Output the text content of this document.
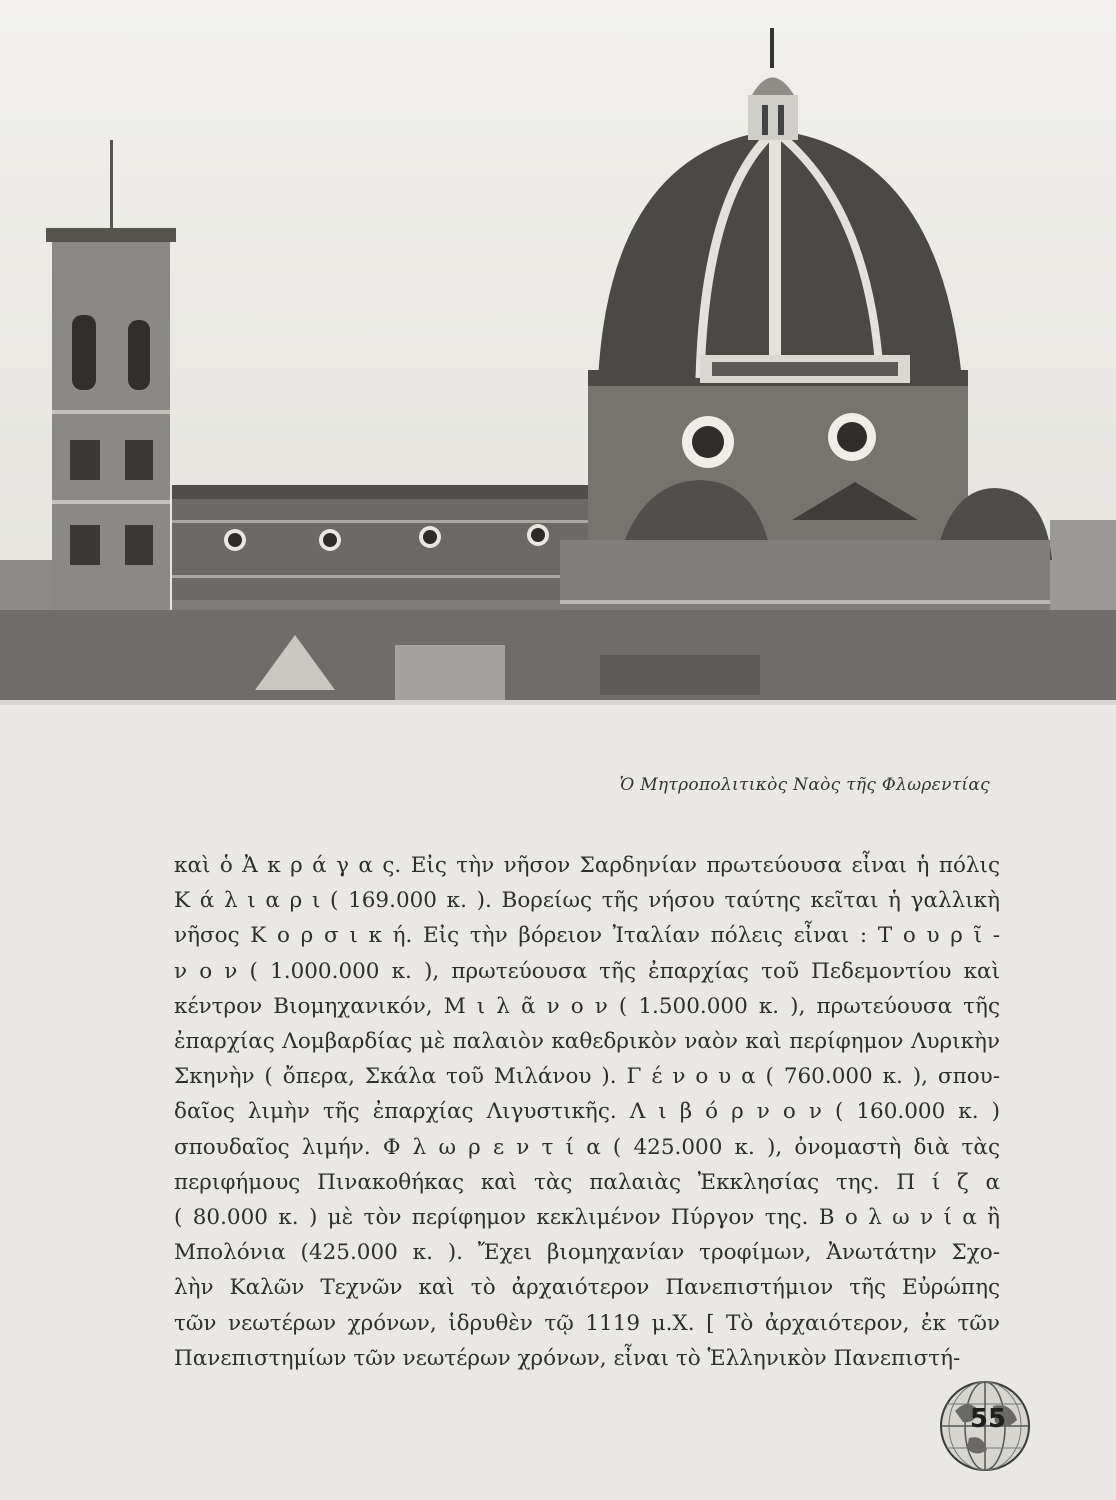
Ὁ Μητροπολιτικὸς Ναὸς τῆς Φλωρεντίας
καὶ ὁ Ἀ κ ρ ά γ α ς. Εἰς τὴν νῆσον Σαρδηνίαν πρωτεύουσα εἶναι ἡ πόλις
Κ ά λ ι α ρ ι ( 169.000 κ. ). Βορείως τῆς νήσου ταύτης κεῖται ἡ γαλλικὴ
νῆσος Κ ο ρ σ ι κ ή. Εἰς τὴν βόρειον Ἰταλίαν πόλεις εἶναι : Τ ο υ ρ ῖ -
ν ο ν ( 1.000.000 κ. ), πρωτεύουσα τῆς ἐπαρχίας τοῦ Πεδεμοντίου καὶ
κέντρον Βιομηχανικόν, Μ ι λ ᾶ ν ο ν ( 1.500.000 κ. ), πρωτεύουσα τῆς
ἐπαρχίας Λομβαρδίας μὲ παλαιὸν καθεδρικὸν ναὸν καὶ περίφημον Λυρικὴν
Σκηνὴν ( ὄπερα, Σκάλα τοῦ Μιλάνου ). Γ έ ν ο υ α ( 760.000 κ. ), σπου-
δαῖος λιμὴν τῆς ἐπαρχίας Λιγυστικῆς. Λ ι β ό ρ ν ο ν ( 160.000 κ. )
σπουδαῖος λιμήν. Φ λ ω ρ ε ν τ ί α ( 425.000 κ. ), ὀνομαστὴ διὰ τὰς
περιφήμους Πινακοθήκας καὶ τὰς παλαιὰς Ἐκκλησίας της. Π ί ζ α
( 80.000 κ. ) μὲ τὸν περίφημον κεκλιμένον Πύργον της. Β ο λ ω ν ί α ἢ
Μπολόνια (425.000 κ. ). Ἔχει βιομηχανίαν τροφίμων, Ἀνωτάτην Σχο-
λὴν Καλῶν Τεχνῶν καὶ τὸ ἀρχαιότερον Πανεπιστήμιον τῆς Εὐρώπης
τῶν νεωτέρων χρόνων, ἱδρυθὲν τῷ 1119 μ.Χ. [ Τὸ ἀρχαιότερον, ἐκ τῶν
Πανεπιστημίων τῶν νεωτέρων χρόνων, εἶναι τὸ Ἑλληνικὸν Πανεπιστή-
55
